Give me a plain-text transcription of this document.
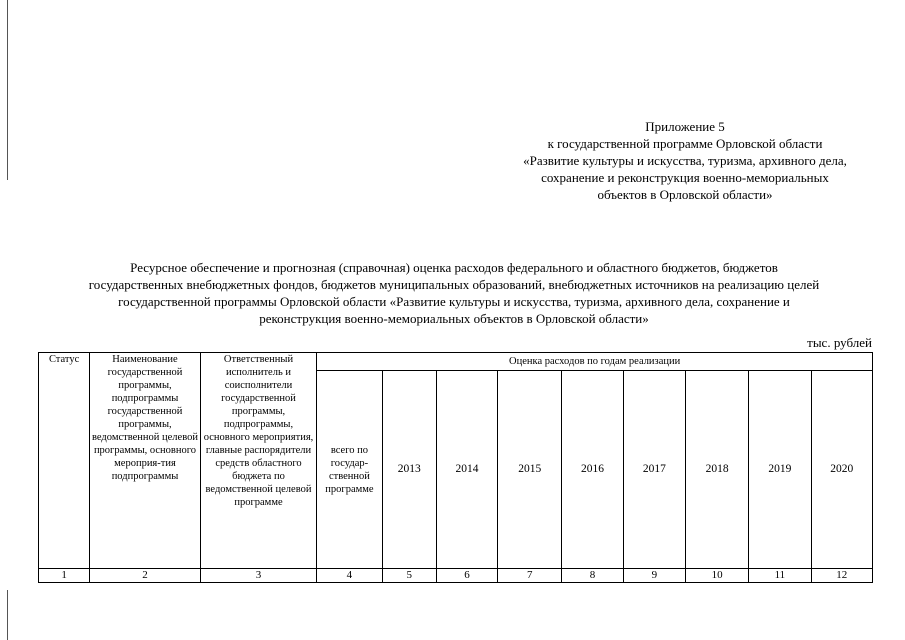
Приложение 5
к государственной программе Орловской области
«Развитие культуры и искусства, туризма, архивного дела,
сохранение и реконструкция военно-мемориальных
объектов в Орловской области»
Ресурсное обеспечение и прогнозная (справочная) оценка расходов федерального и областного бюджетов, бюджетов
государственных внебюджетных фондов, бюджетов муниципальных образований, внебюджетных источников на реализацию целей
государственной программы Орловской области «Развитие культуры и искусства, туризма, архивного дела, сохранение и
реконструкция военно-мемориальных объектов в Орловской области»
тыс. рублей
Статус	Наименование государственной программы, подпрограммы государственной программы, ведомственной целевой программы, основного мероприя-тия подпрограммы	Ответственный исполнитель и соисполнители государственной программы, подпрограммы, основного мероприятия, главные распорядители средств областного бюджета по ведомственной целевой программе	Оценка расходов по годам реализации								
			всего по государ-ственной программе	2013	2014	2015	2016	2017	2018	2019	2020
1	2	3	4	5	6	7	8	9	10	11	12
